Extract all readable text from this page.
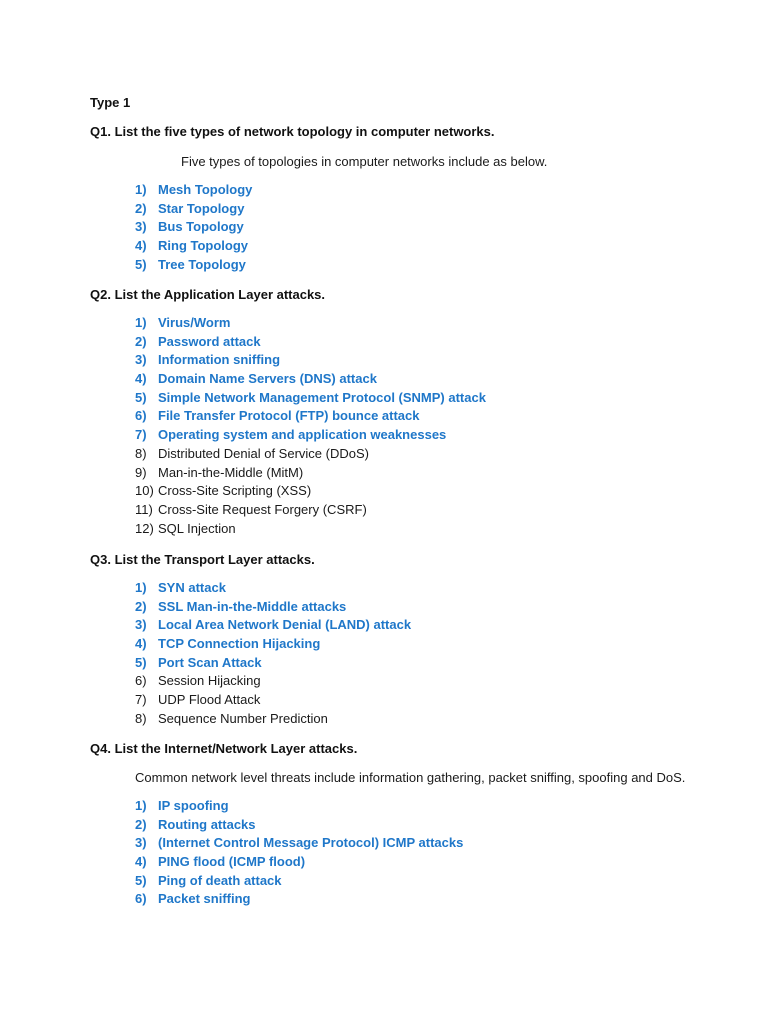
Type 1
Q1. List the five types of network topology in computer networks.
Five types of topologies in computer networks include as below.
1) Mesh Topology
2) Star Topology
3) Bus Topology
4) Ring Topology
5) Tree Topology
Q2. List the Application Layer attacks.
1) Virus/Worm
2) Password attack
3) Information sniffing
4) Domain Name Servers (DNS) attack
5) Simple Network Management Protocol (SNMP) attack
6) File Transfer Protocol (FTP) bounce attack
7) Operating system and application weaknesses
8) Distributed Denial of Service (DDoS)
9) Man-in-the-Middle (MitM)
10) Cross-Site Scripting (XSS)
11) Cross-Site Request Forgery (CSRF)
12) SQL Injection
Q3. List the Transport Layer attacks.
1) SYN attack
2) SSL Man-in-the-Middle attacks
3) Local Area Network Denial (LAND) attack
4) TCP Connection Hijacking
5) Port Scan Attack
6) Session Hijacking
7) UDP Flood Attack
8) Sequence Number Prediction
Q4. List the Internet/Network Layer attacks.
Common network level threats include information gathering, packet sniffing, spoofing and DoS.
1) IP spoofing
2) Routing attacks
3) (Internet Control Message Protocol) ICMP attacks
4) PING flood (ICMP flood)
5) Ping of death attack
6) Packet sniffing
